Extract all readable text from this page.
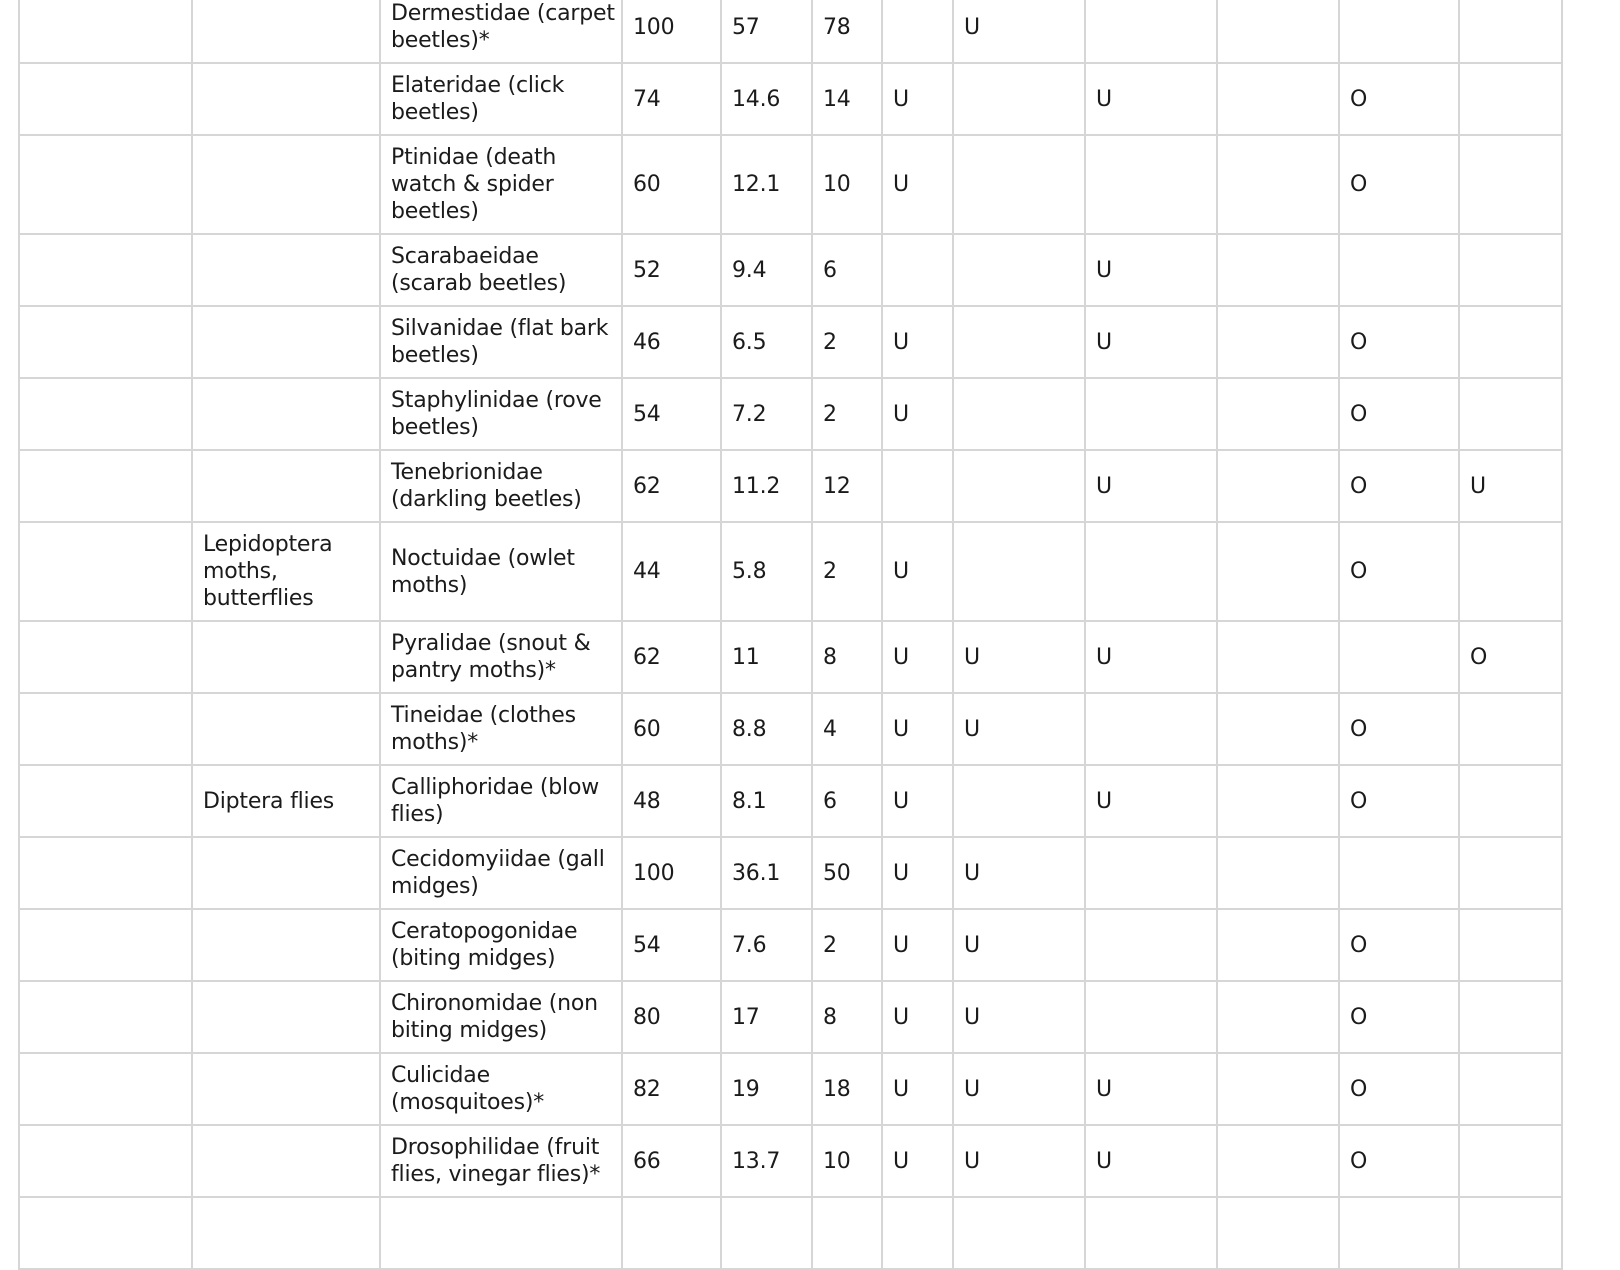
		Dermestidae (carpet beetles)*	100	57	78		U				
		Elateridae (click beetles)	74	14.6	14	U		U		O	
		Ptinidae (death watch & spider beetles)	60	12.1	10	U				O	
		Scarabaeidae (scarab beetles)	52	9.4	6			U			
		Silvanidae (flat bark beetles)	46	6.5	2	U		U		O	
		Staphylinidae (rove beetles)	54	7.2	2	U				O	
		Tenebrionidae (darkling beetles)	62	11.2	12			U		O	U
	Lepidoptera moths, butterflies	Noctuidae (owlet moths)	44	5.8	2	U				O	
		Pyralidae (snout & pantry moths)*	62	11	8	U	U	U			O
		Tineidae (clothes moths)*	60	8.8	4	U	U			O	
	Diptera flies	Calliphoridae (blow flies)	48	8.1	6	U		U		O	
		Cecidomyiidae (gall midges)	100	36.1	50	U	U				
		Ceratopogonidae (biting midges)	54	7.6	2	U	U			O	
		Chironomidae (non biting midges)	80	17	8	U	U			O	
		Culicidae (mosquitoes)*	82	19	18	U	U	U		O	
		Drosophilidae (fruit flies, vinegar flies)*	66	13.7	10	U	U	U		O	
